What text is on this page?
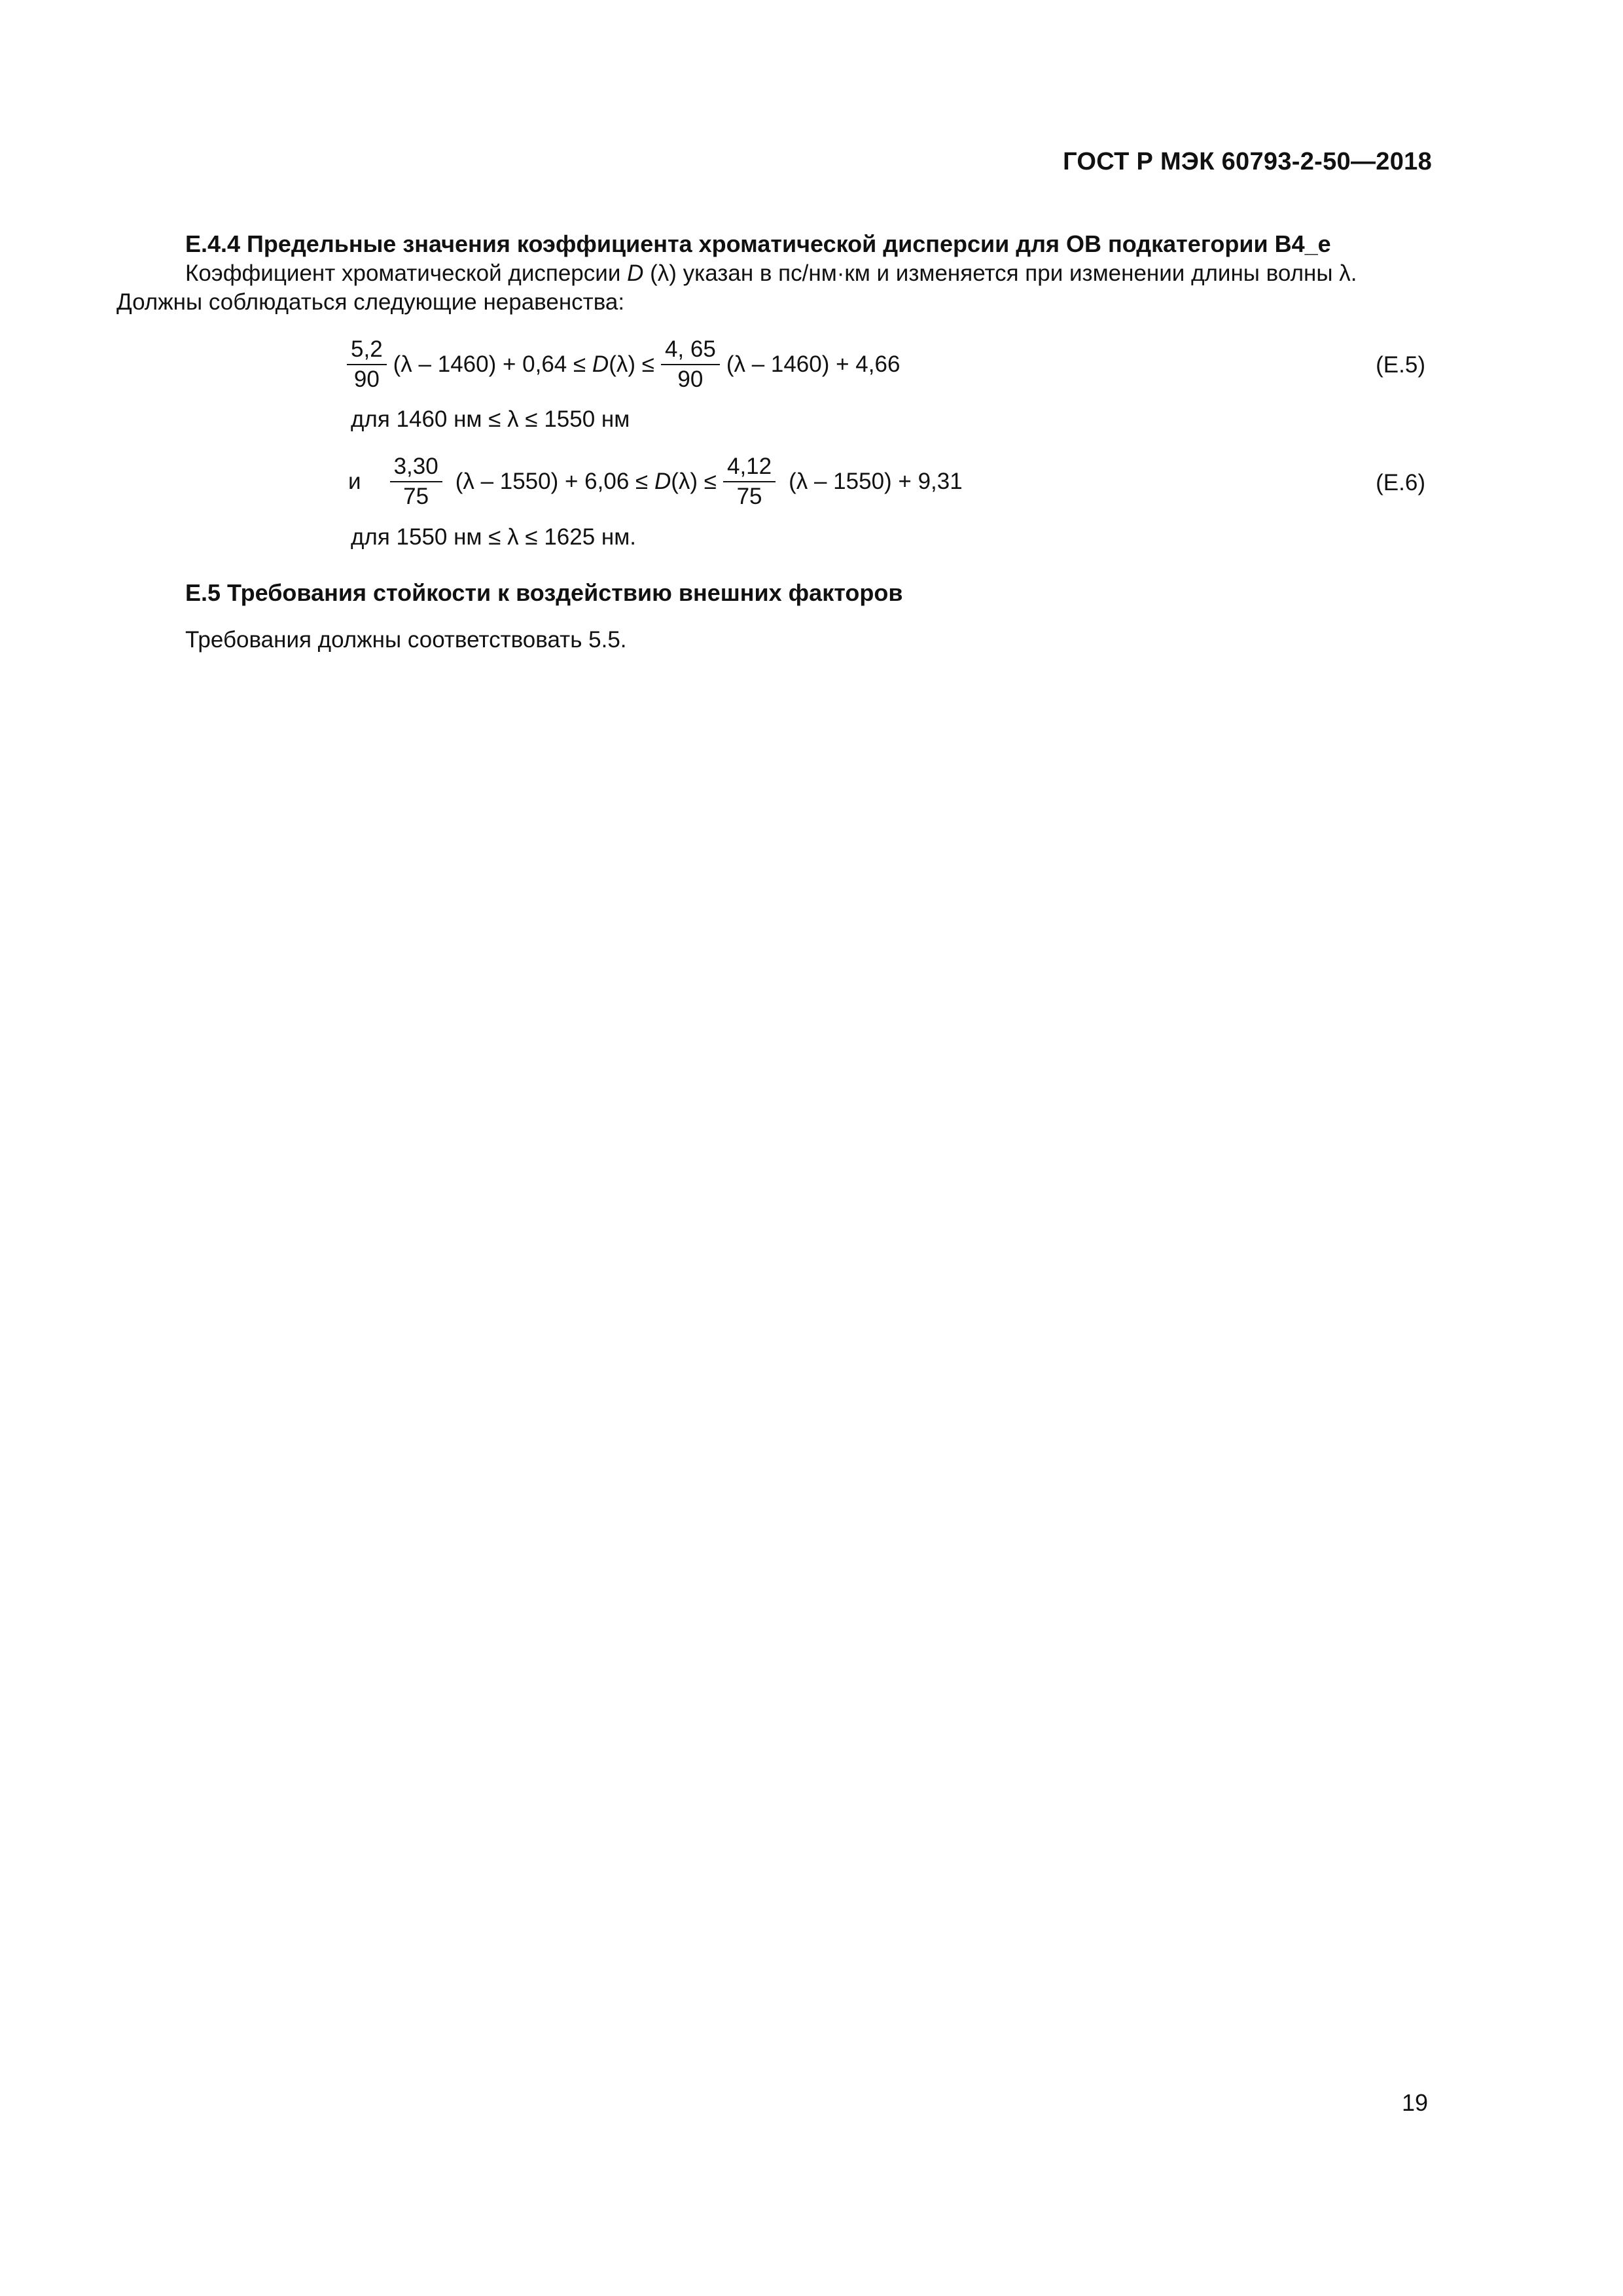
ГОСТ Р МЭК 60793-2-50—2018
Е.4.4 Предельные значения коэффициента хроматической дисперсии для ОВ подкатегории В4_е
Коэффициент хроматической дисперсии D (λ) указан в пс/нм·км и изменяется при изменении длины волны λ.
Должны соблюдаться следующие неравенства:
$\frac{5,2}{90} (\lambda - 1460) + 0,64 \le D$ $(\lambda) \le \frac{4, 65}{90} (\lambda - 1460) + 4,66$	(Е.5)
для 1460 нм ≤ λ ≤ 1550 нм
и $\frac{3,30}{75} (\lambda - 1550) + 6,06 \le D$ $(\lambda) \le \frac{4,12}{75} (\lambda - 1550) + 9,31$	(Е.6)
для 1550 нм ≤ λ ≤ 1625 нм.
Е.5 Требования стойкости к воздействию внешних факторов
Требования должны соответствовать 5.5.
19
